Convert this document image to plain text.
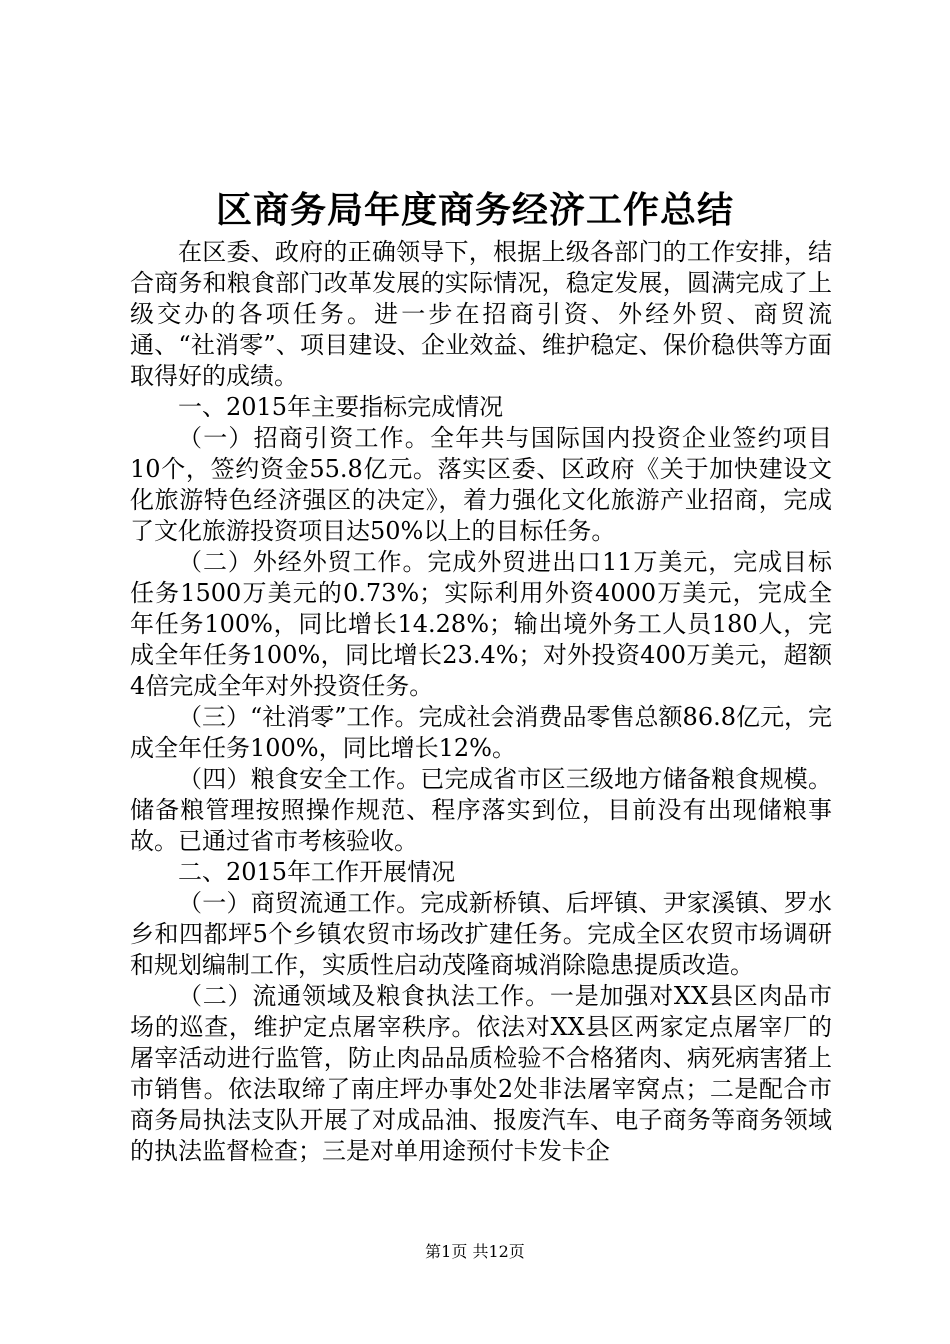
区商务局年度商务经济工作总结

在区委、政府的正确领导下，根据上级各部门的工作安排，结合商务和粮食部门改革发展的实际情况，稳定发展，圆满完成了上级交办的各项任务。进一步在招商引资、外经外贸、商贸流通、“社消零”、项目建设、企业效益、维护稳定、保价稳供等方面取得好的成绩。

一、2015年主要指标完成情况

（一）招商引资工作。全年共与国际国内投资企业签约项目10个，签约资金55.8亿元。落实区委、区政府《关于加快建设文化旅游特色经济强区的决定》，着力强化文化旅游产业招商，完成了文化旅游投资项目达50%以上的目标任务。

（二）外经外贸工作。完成外贸进出口11万美元，完成目标任务1500万美元的0.73%；实际利用外资4000万美元，完成全年任务100%，同比增长14.28%；输出境外务工人员180人，完成全年任务100%，同比增长23.4%；对外投资400万美元，超额4倍完成全年对外投资任务。

（三）“社消零”工作。完成社会消费品零售总额86.8亿元，完成全年任务100%，同比增长12%。

（四）粮食安全工作。已完成省市区三级地方储备粮食规模。储备粮管理按照操作规范、程序落实到位，目前没有出现储粮事故。已通过省市考核验收。

二、2015年工作开展情况

（一）商贸流通工作。完成新桥镇、后坪镇、尹家溪镇、罗水乡和四都坪5个乡镇农贸市场改扩建任务。完成全区农贸市场调研和规划编制工作，实质性启动茂隆商城消除隐患提质改造。

（二）流通领域及粮食执法工作。一是加强对XX县区肉品市场的巡查，维护定点屠宰秩序。依法对XX县区两家定点屠宰厂的屠宰活动进行监管，防止肉品品质检验不合格猪肉、病死病害猪上市销售。依法取缔了南庄坪办事处2处非法屠宰窝点；二是配合市商务局执法支队开展了对成品油、报废汽车、电子商务等商务领域的执法监督检查；三是对单用途预付卡发卡企

第1页 共12页
